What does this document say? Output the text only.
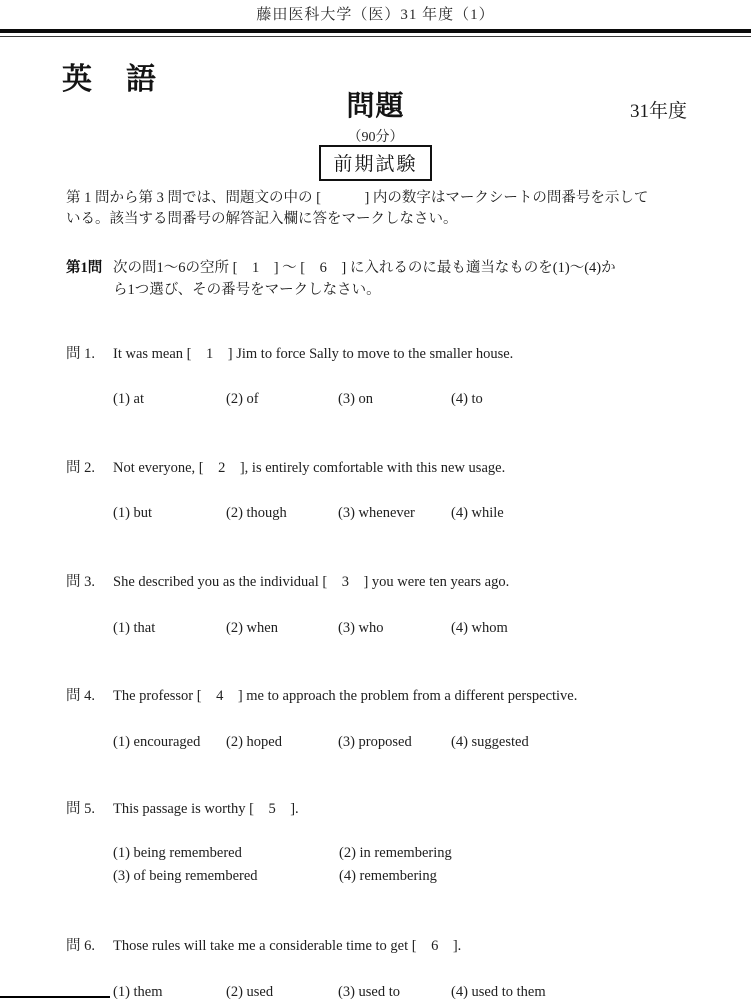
藤田医科大学（医）31 年度（1）
英　語
問題	31年度
（90分）
前期試験
第 1 問から第 3 問では、問題文の中の [　　　] 内の数字はマークシートの問番号を示して
いる。該当する問番号の解答記入欄に答をマークしなさい。
第1問 次の問1～6の空所 [　1　] ～ [　6　] に入れるのに最も適当なものを(1)～(4)か
ら1つ選び、その番号をマークしなさい。
問 1.	It was mean [　1　] Jim to force Sally to move to the smaller house.
(1) at	(2) of	(3) on	(4) to
問 2.	Not everyone, [　2　], is entirely comfortable with this new usage.
(1) but	(2) though	(3) whenever	(4) while
問 3.	She described you as the individual [　3　] you were ten years ago.
(1) that	(2) when	(3) who	(4) whom
問 4.	The professor [　4　] me to approach the problem from a different perspective.
(1) encouraged	(2) hoped	(3) proposed	(4) suggested
問 5.	This passage is worthy [　5　].
(1) being remembered	(2) in remembering
(3) of being remembered	(4) remembering
問 6.	Those rules will take me a considerable time to get [　6　].
(1) them	(2) used	(3) used to	(4) used to them
